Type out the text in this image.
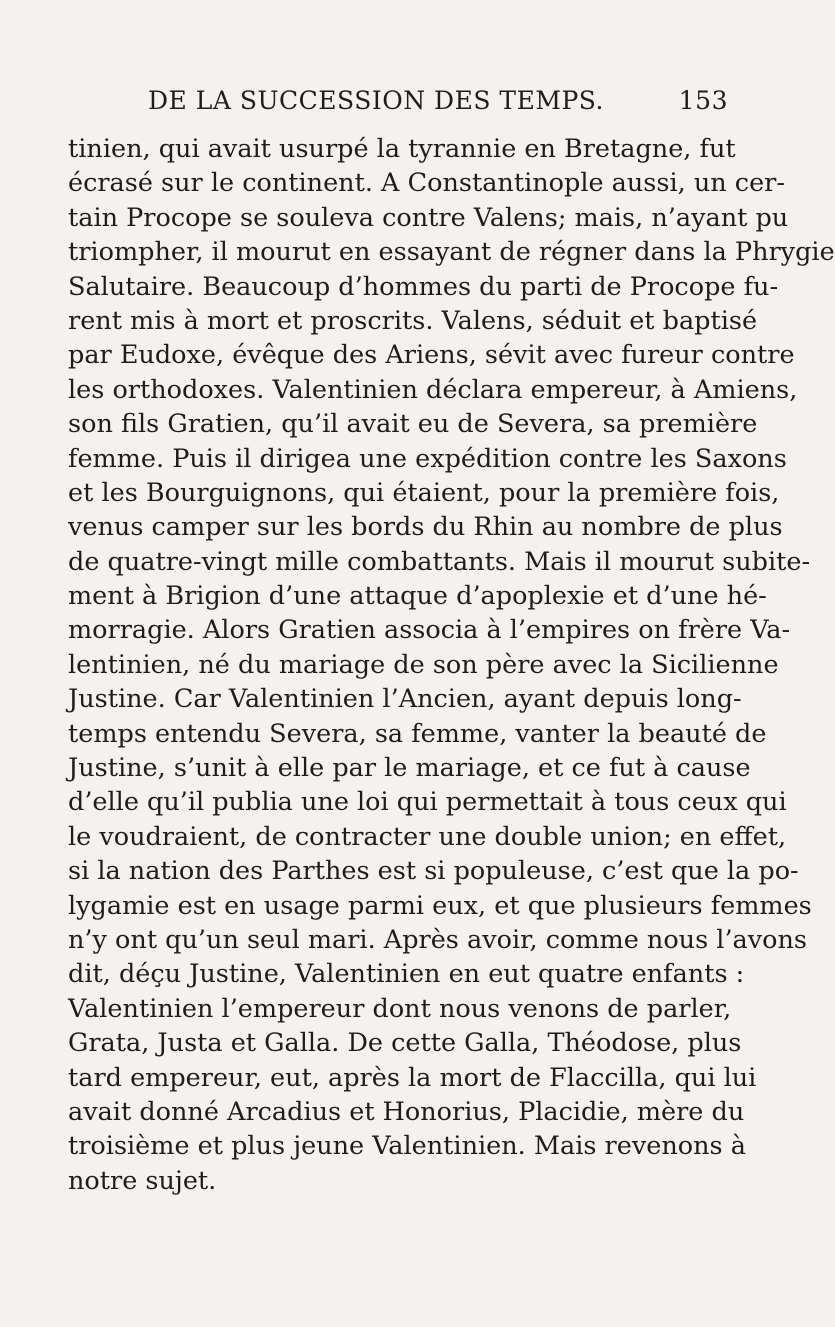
DE LA SUCCESSION DES TEMPS.	153
tinien, qui avait usurpé la tyrannie en Bretagne, fut
écrasé sur le continent. A Constantinople aussi, un cer-
tain Procope se souleva contre Valens; mais, n’ayant pu
triompher, il mourut en essayant de régner dans la Phrygie
Salutaire. Beaucoup d’hommes du parti de Procope fu-
rent mis à mort et proscrits. Valens, séduit et baptisé
par Eudoxe, évêque des Ariens, sévit avec fureur contre
les orthodoxes. Valentinien déclara empereur, à Amiens,
son fils Gratien, qu’il avait eu de Severa, sa première
femme. Puis il dirigea une expédition contre les Saxons
et les Bourguignons, qui étaient, pour la première fois,
venus camper sur les bords du Rhin au nombre de plus
de quatre-vingt mille combattants. Mais il mourut subite-
ment à Brigion d’une attaque d’apoplexie et d’une hé-
morragie. Alors Gratien associa à l’empires on frère Va-
lentinien, né du mariage de son père avec la Sicilienne
Justine. Car Valentinien l’Ancien, ayant depuis long-
temps entendu Severa, sa femme, vanter la beauté de
Justine, s’unit à elle par le mariage, et ce fut à cause
d’elle qu’il publia une loi qui permettait à tous ceux qui
le voudraient, de contracter une double union; en effet,
si la nation des Parthes est si populeuse, c’est que la po-
lygamie est en usage parmi eux, et que plusieurs femmes
n’y ont qu’un seul mari. Après avoir, comme nous l’avons
dit, déçu Justine, Valentinien en eut quatre enfants :
Valentinien l’empereur dont nous venons de parler,
Grata, Justa et Galla. De cette Galla, Théodose, plus
tard empereur, eut, après la mort de Flaccilla, qui lui
avait donné Arcadius et Honorius, Placidie, mère du
troisième et plus jeune Valentinien. Mais revenons à
notre sujet.
